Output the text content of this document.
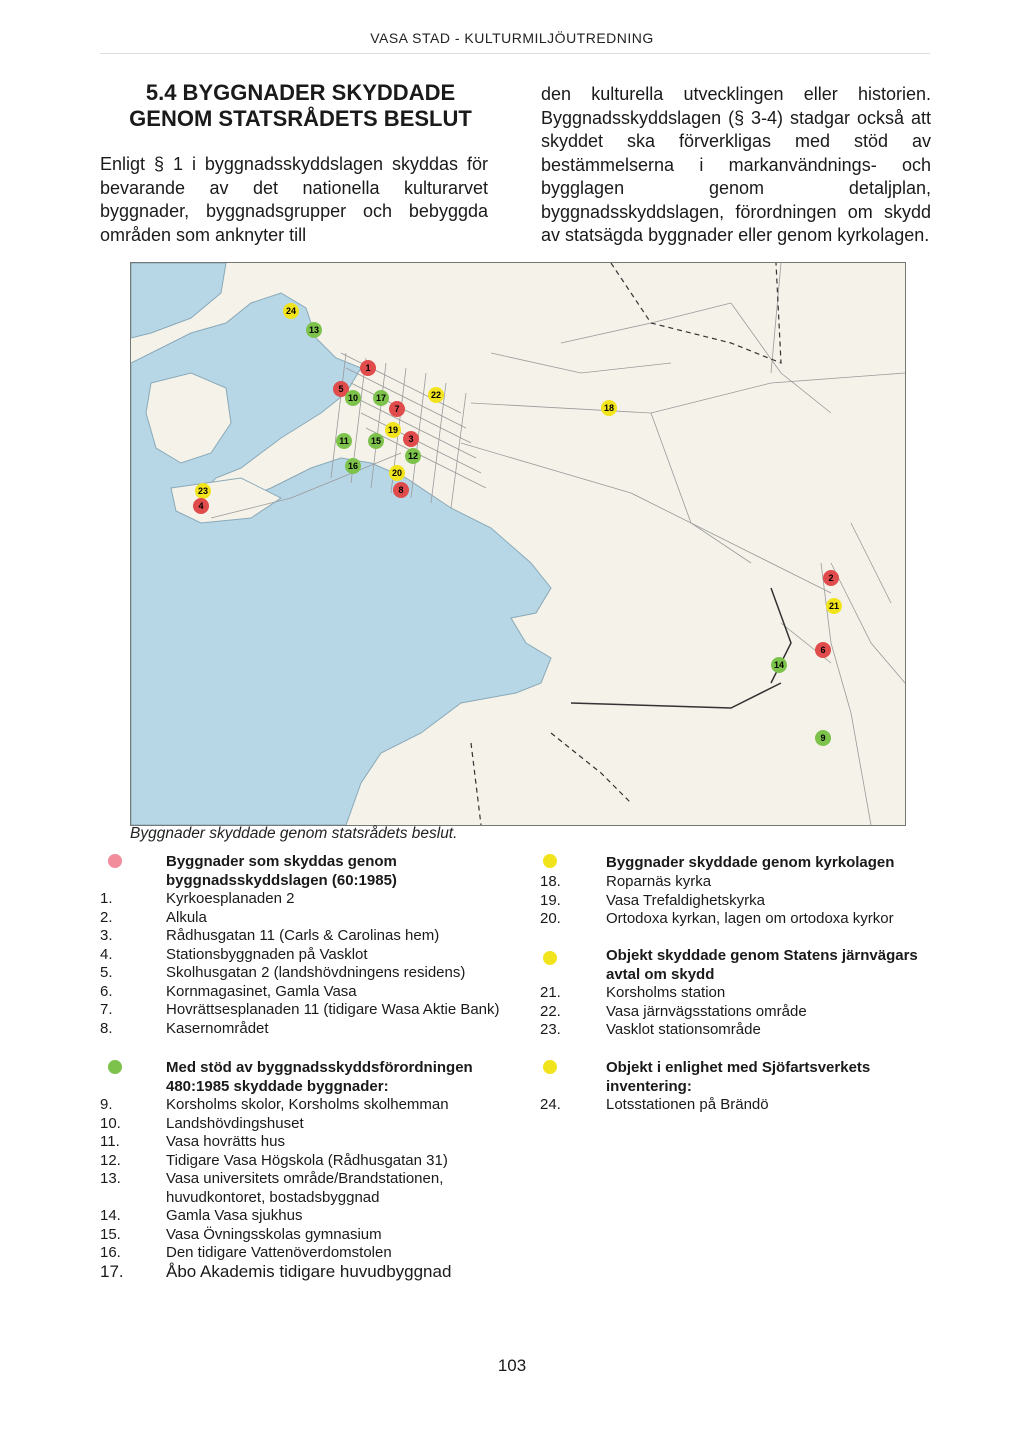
VASA STAD - KULTURMILJÖUTREDNING
5.4 BYGGNADER SKYDDADE GENOM STATSRÅDETS BESLUT
Enligt § 1 i byggnadsskyddslagen skyddas för bevarande av det nationella kulturarvet byggnader, byggnadsgrupper och bebyggda områden som anknyter till
den kulturella utvecklingen eller historien. Byggnadsskyddslagen (§ 3-4) stadgar också att skyddet ska förverkligas med stöd av bestämmelserna i markanvändnings- och bygglagen genom detaljplan, byggnadsskyddslagen, förordningen om skydd av statsägda byggnader eller genom kyrkolagen.
24
13
1
5
10 17
7
22
18
11 15
19
3
12
16
20
8
23
4
2
21
6
14
9
Byggnader skyddade genom statsrådets beslut.
Byggnader som skyddas genom byggnadsskyddslagen (60:1985)
1.	Kyrkoesplanaden 2
2.	Alkula
3.	Rådhusgatan 11 (Carls & Carolinas hem)
4.	Stationsbyggnaden på Vasklot
5.	Skolhusgatan 2 (landshövdningens residens)
6.	Kornmagasinet, Gamla Vasa
7.	Hovrättsesplanaden 11 (tidigare Wasa Aktie Bank)
8.	Kasernområdet
Med stöd av byggnadsskyddsförordningen 480:1985 skyddade byggnader:
9.	Korsholms skolor, Korsholms skolhemman
10.	Landshövdingshuset
11.	Vasa hovrätts hus
12.	Tidigare Vasa Högskola (Rådhusgatan 31)
13.	Vasa universitets område/Brandstationen, huvudkontoret, bostadsbyggnad
14.	Gamla Vasa sjukhus
15.	Vasa Övningsskolas gymnasium
16.	Den tidigare Vattenöverdomstolen
17. Åbo Akademis tidigare huvudbyggnad
Byggnader skyddade genom kyrkolagen
18.	Roparnäs kyrka
19.	Vasa Trefaldighetskyrka
20.	Ortodoxa kyrkan, lagen om ortodoxa kyrkor
Objekt skyddade genom Statens järnvägars avtal om skydd
21.	Korsholms station
22.	Vasa järnvägsstations område
23.	Vasklot stationsområde
Objekt i enlighet med Sjöfartsverkets inventering:
24.	Lotsstationen på Brändö
103
